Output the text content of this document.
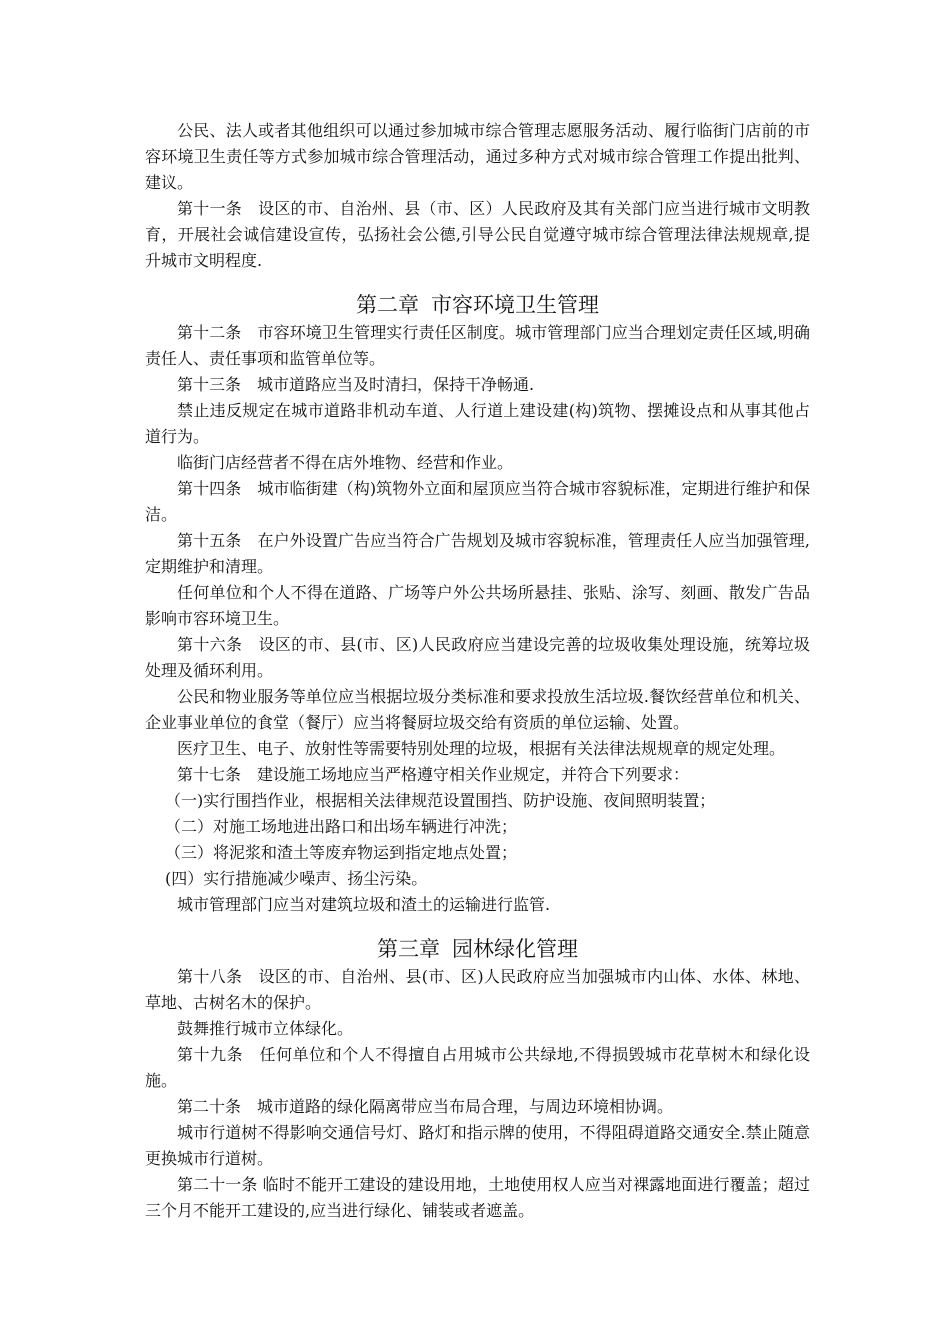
公民、法人或者其他组织可以通过参加城市综合管理志愿服务活动、履行临街门店前的市容环境卫生责任等方式参加城市综合管理活动，通过多种方式对城市综合管理工作提出批判、建议。

第十一条　设区的市、自治州、县（市、区）人民政府及其有关部门应当进行城市文明教育，开展社会诚信建设宣传，弘扬社会公德,引导公民自觉遵守城市综合管理法律法规规章,提升城市文明程度.

第二章 市容环境卫生管理

第十二条　市容环境卫生管理实行责任区制度。城市管理部门应当合理划定责任区域,明确责任人、责任事项和监管单位等。

第十三条　城市道路应当及时清扫，保持干净畅通.

禁止违反规定在城市道路非机动车道、人行道上建设建(构)筑物、摆摊设点和从事其他占道行为。

临街门店经营者不得在店外堆物、经营和作业。

第十四条　城市临街建（构)筑物外立面和屋顶应当符合城市容貌标准，定期进行维护和保洁。

第十五条　在户外设置广告应当符合广告规划及城市容貌标准，管理责任人应当加强管理,定期维护和清理。

任何单位和个人不得在道路、广场等户外公共场所悬挂、张贴、涂写、刻画、散发广告品影响市容环境卫生。

第十六条　设区的市、县(市、区)人民政府应当建设完善的垃圾收集处理设施，统筹垃圾处理及循环利用。

公民和物业服务等单位应当根据垃圾分类标准和要求投放生活垃圾.餐饮经营单位和机关、企业事业单位的食堂（餐厅）应当将餐厨垃圾交给有资质的单位运输、处置。

医疗卫生、电子、放射性等需要特别处理的垃圾，根据有关法律法规规章的规定处理。

第十七条　建设施工场地应当严格遵守相关作业规定，并符合下列要求：

（一)实行围挡作业，根据相关法律规范设置围挡、防护设施、夜间照明装置；

（二）对施工场地进出路口和出场车辆进行冲洗；

（三）将泥浆和渣土等废弃物运到指定地点处置；

(四）实行措施减少噪声、扬尘污染。

城市管理部门应当对建筑垃圾和渣土的运输进行监管.

第三章 园林绿化管理

第十八条　设区的市、自治州、县(市、区)人民政府应当加强城市内山体、水体、林地、草地、古树名木的保护。

鼓舞推行城市立体绿化。

第十九条　任何单位和个人不得擅自占用城市公共绿地,不得损毁城市花草树木和绿化设施。

第二十条　城市道路的绿化隔离带应当布局合理，与周边环境相协调。

城市行道树不得影响交通信号灯、路灯和指示牌的使用，不得阻碍道路交通安全.禁止随意更换城市行道树。

第二十一条 临时不能开工建设的建设用地，土地使用权人应当对裸露地面进行覆盖；超过三个月不能开工建设的,应当进行绿化、铺装或者遮盖。
